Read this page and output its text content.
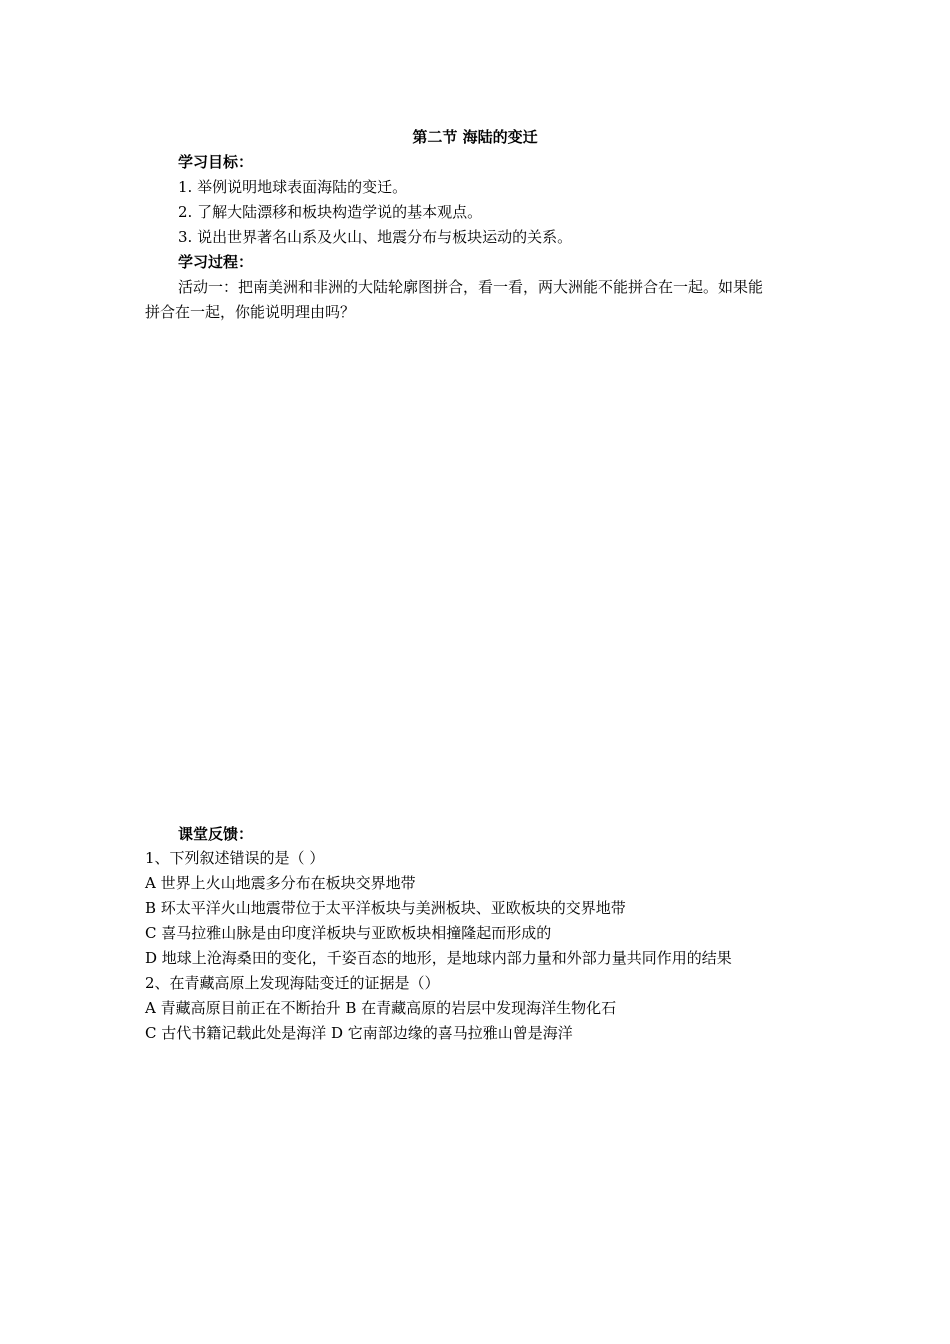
第二节 海陆的变迁
学习目标：
1. 举例说明地球表面海陆的变迁。
2. 了解大陆漂移和板块构造学说的基本观点。
3. 说出世界著名山系及火山、地震分布与板块运动的关系。
学习过程：
活动一：把南美洲和非洲的大陆轮廓图拼合，看一看，两大洲能不能拼合在一起。如果能
拼合在一起，你能说明理由吗？
课堂反馈：
1、下列叙述错误的是（ ）
A 世界上火山地震多分布在板块交界地带
B 环太平洋火山地震带位于太平洋板块与美洲板块、亚欧板块的交界地带
C 喜马拉雅山脉是由印度洋板块与亚欧板块相撞隆起而形成的
D 地球上沧海桑田的变化，千姿百态的地形，是地球内部力量和外部力量共同作用的结果
2、在青藏高原上发现海陆变迁的证据是（）
A 青藏高原目前正在不断抬升 B 在青藏高原的岩层中发现海洋生物化石
C 古代书籍记载此处是海洋 D 它南部边缘的喜马拉雅山曾是海洋
